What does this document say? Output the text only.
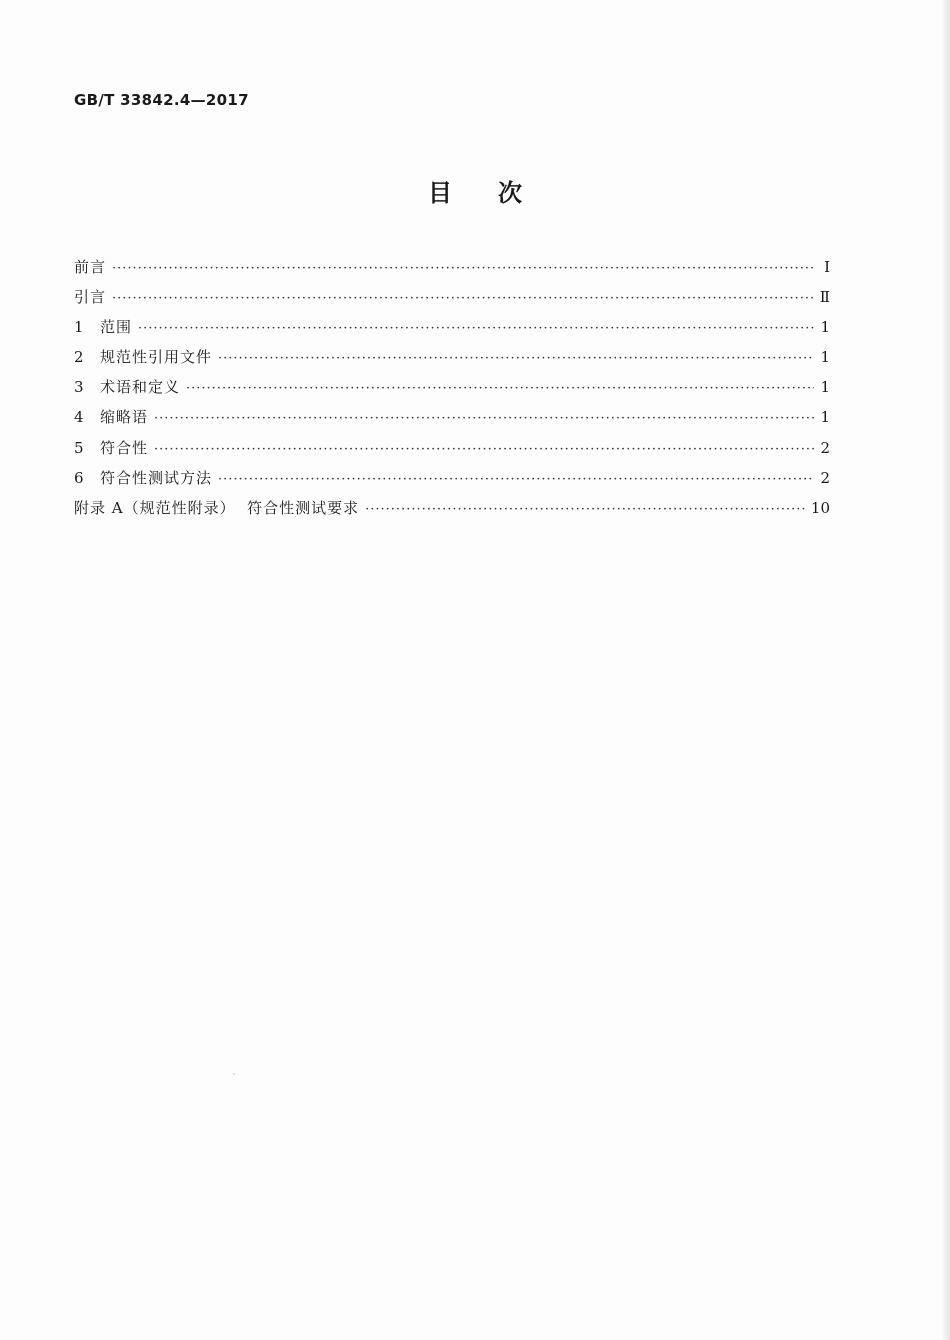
GB/T 33842.4—2017
目次
前言 ·····	Ⅰ
引言 ·····	Ⅱ
1	范围 ·····	1
2	规范性引用文件 ·····	1
3	术语和定义 ·····	1
4	缩略语 ·····	1
5	符合性 ·····	2
6	符合性测试方法 ·····	2
附录 A（规范性附录）  符合性测试要求 ·····	10
